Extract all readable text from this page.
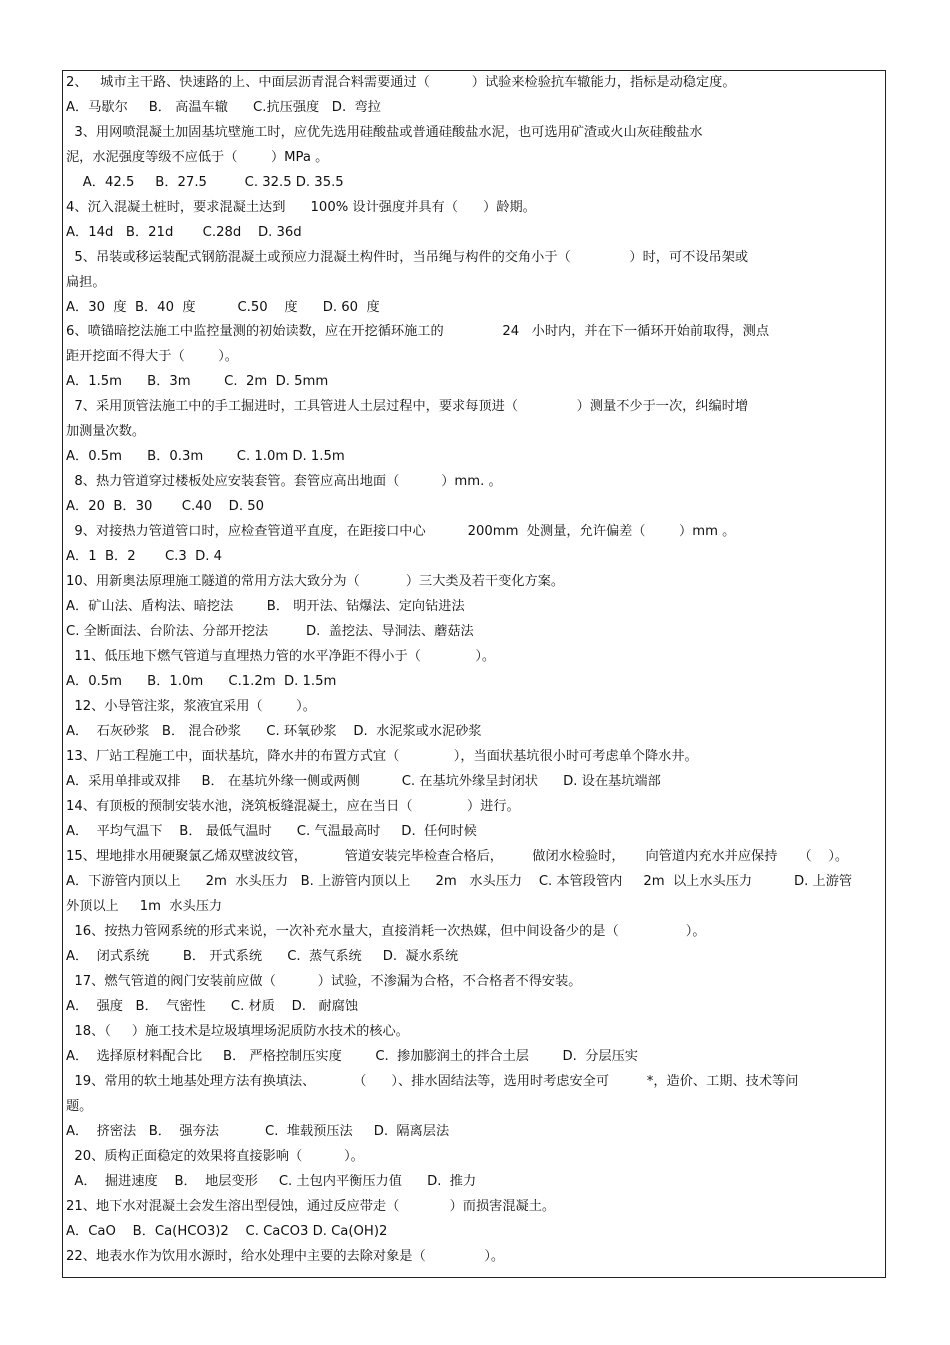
2、   城市主干路、快速路的上、中面层沥青混合料需要通过（          ）试验来检验抗车辙能力，指标是动稳定度。
A．马歇尔     B． 高温车辙      C.抗压强度   D.  弯拉
3、用网喷混凝土加固基坑壁施工时，应优先选用硅酸盐或普通硅酸盐水泥，也可选用矿渣或火山灰硅酸盐水
泥，水泥强度等级不应低于（        ）MPa 。
A．42.5     B．27.5         C. 32.5 D. 35.5
4、沉入混凝土桩时，要求混凝土达到      100% 设计强度并具有（      ）龄期。
A．14d   B．21d       C.28d    D. 36d
5、吊装或移运装配式钢筋混凝土或预应力混凝土构件时，当吊绳与构件的交角小于（              ）时，可不设吊架或
扁担。
A．30  度  B．40  度          C.50    度      D. 60  度
6、喷锚暗挖法施工中监控量测的初始读数，应在开挖循环施工的              24   小时内，并在下一循环开始前取得，测点
距开挖面不得大于（        ）。
A．1.5m      B．3m        C.  2m  D. 5mm
7、采用顶管法施工中的手工掘进时，工具管进人土层过程中，要求每顶进（              ）测量不少于一次，纠编时增
加测量次数。
A．0.5m      B．0.3m        C. 1.0m D. 1.5m
8、热力管道穿过楼板处应安装套管。套管应高出地面（          ）mm. 。
A．20  B．30       C.40    D. 50
9、对接热力管道管口时，应检查管道平直度，在距接口中心          200mm  处测量，允许偏差（        ）mm 。
A．1  B．2       C.3  D. 4
10、用新奥法原理施工隧道的常用方法大致分为（           ）三大类及若干变化方案。
A．矿山法、盾构法、暗挖法        B． 明开法、钻爆法、定向钻进法
C. 全断面法、台阶法、分部开挖法         D.  盖挖法、导洞法、蘑菇法
11、低压地下燃气管道与直埋热力管的水平净距不得小于（             ）。
A．0.5m      B．1.0m      C.1.2m  D. 1.5m
12、小导管注浆，浆液宜采用（        ）。
A．  石灰砂浆   B． 混合砂浆      C. 环氧砂浆    D.  水泥浆或水泥砂浆
13、厂站工程施工中，面状基坑，降水井的布置方式宜（             ），当面状基坑很小时可考虑单个降水井。
A．采用单排或双排     B． 在基坑外缘一侧或两侧          C. 在基坑外缘呈封闭状      D. 设在基坑端部
14、有顶板的预制安装水池，浇筑板缝混凝土，应在当日（             ）进行。
A．  平均气温下    B． 最低气温时      C. 气温最高时     D.  任何时候
15、埋地排水用硬聚氯乙烯双壁波纹管，         管道安装完毕检查合格后，       做闭水检验时，     向管道内充水并应保持     （    ）。
A．下游管内顶以上      2m  水头压力   B. 上游管内顶以上      2m   水头压力    C. 本管段管内     2m  以上水头压力          D. 上游管
外顶以上     1m  水头压力
16、按热力管网系统的形式来说，一次补充水量大，直接消耗一次热媒，但中间设备少的是（                ）。
A．  闭式系统        B． 开式系统      C.  蒸气系统     D.  凝水系统
17、燃气管道的阀门安装前应做（          ）试验，不渗漏为合格，不合格者不得安装。
A．  强度   B．  气密性      C. 材质    D.   耐腐蚀
18、（     ）施工技术是垃圾填埋场泥质防水技术的核心。
A．  选择原材料配合比     B． 严格控制压实度        C.  掺加膨润土的拌合土层        D.  分层压实
19、常用的软土地基处理方法有换填法、         （      ）、排水固结法等，选用时考虑安全可         *，造价、工期、技术等问
题。
A．  挤密法   B．  强夯法           C.  堆载预压法     D.  隔离层法
20、质构正面稳定的效果将直接影响（          ）。
A．  掘进速度    B．  地层变形     C. 土包内平衡压力值      D.  推力
21、地下水对混凝土会发生溶出型侵蚀，通过反应带走（            ）而损害混凝土。
A．CaO    B．Ca(HCO3)2    C. CaCO3 D. Ca(OH)2
22、地表水作为饮用水源时，给水处理中主要的去除对象是（              ）。
